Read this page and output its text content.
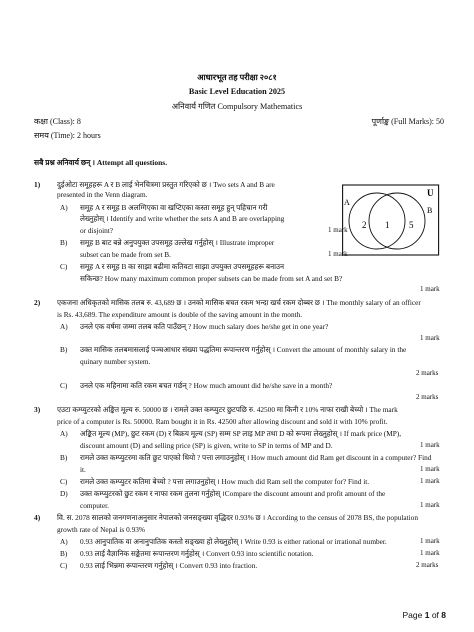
आधारभूत तह परीक्षा २०८१
Basic Level Education 2025
अनिवार्य गणित Compulsory Mathematics
कक्षा (Class): 8	पूर्णाङ्क (Full Marks): 50
समय (Time): 2 hours
सबै प्रश्न अनिवार्य छन् । Attempt all questions.
1) दुईओटा समूहहरू A र B लाई भेनचित्रमा प्रस्तुत गरिएको छ । Two sets A and B are
presented in the Venn diagram.
A) समूह A र समूह B अलग्गिएका वा खप्टिएका कस्ता समूह हुन् पहिचान गरी
लेख्नुहोस् । Identify and write whether the sets A and B are overlapping
or disjoint?	1 mark
B) समूह B बाट बन्ने अनुपयुक्त उपसमूह उल्लेख गर्नुहोस् । Illustrate improper
subset can be made from set B.	1 mark
C) समूह A र समूह B का साझा बढीमा कतिवटा साझा उपयुक्त उपसमूहहरू बनाउन
सकिन्छ? How many maximum common proper subsets can be made from set A and set B?
1 mark
U
A
B
2 1 5
2) एकजना अधिकृतको मासिक तलब रु. 43,689 छ । उनको मासिक बचत रकम भन्दा खर्च रकम दोब्बर छ । The monthly salary of an officer
is Rs. 43,689. The expenditure amount is double of the saving amount in the month.
A) उनले एक वर्षमा जम्मा तलब कति पाउँछन् ? How much salary does he/she get in one year?
1 mark
B) उक्त मासिक तलबमासलाई पञ्चआधार संख्या पद्धतिमा रूपान्तरण गर्नुहोस् । Convert the amount of monthly salary in the
quinary number system.
2 marks
C) उनले एक महिनामा कति रकम बचत गर्छन् ? How much amount did he/she save in a month?
2 marks
3) एउटा कम्प्युटरको अङ्कित मूल्य रु. 50000 छ । रामले उक्त कम्प्युटर छुटपछि रु. 42500 मा किनी र 10% नाफा राखी बेच्यो । The mark
price of a computer is Rs. 50000. Ram bought it in Rs. 42500 after allowing discount and sold it with 10% profit.
A) अङ्कित मूल्य (MP), छुट रकम (D) र बिक्रय मूल्य (SP) सम्म SP लाइ MP तथा D को रूपमा लेख्नुहोस् । If mark price (MP),
discount amount (D) and selling price (SP) is given, write to SP in terms of MP and D.	1 mark
B) रामले उक्त कम्प्युटरमा कति छुट पाएको थियो ? पत्ता लगाउनुहोस् । How much amount did Ram get discount in a computer? Find
it.	1 mark
C) रामले उक्त कम्प्युटर कतिमा बेच्यो ? पत्ता लगाउनुहोस् । How much did Ram sell the computer for? Find it.	1 mark
D) उक्त कम्प्युटरको छुट रकम र नाफा रकम तुलना गर्नुहोस् ।Compare the discount amount and profit amount of the
computer.	1 mark
4) वि. स. 2078 सालको जनगणनाअनुसार नेपालको जनसङ्ख्या वृद्धिदर 0.93% छ । According to the census of 2078 BS, the population
growth rate of Nepal is 0.93%
A) 0.93 आनुपातिक वा अनानुपातिक कस्तो सङ्ख्या हो लेख्नुहोस् । Write 0.93 is either rational or irrational number.	1 mark
B) 0.93 लाई वैज्ञानिक सङ्केतमा रूपान्तरण गर्नुहोस् । Convert 0.93 into scientific notation.	1 mark
C) 0.93 लाई भिन्नमा रूपान्तरण गर्नुहोस् । Convert 0.93 into fraction.	2 marks
Page 1 of 8
